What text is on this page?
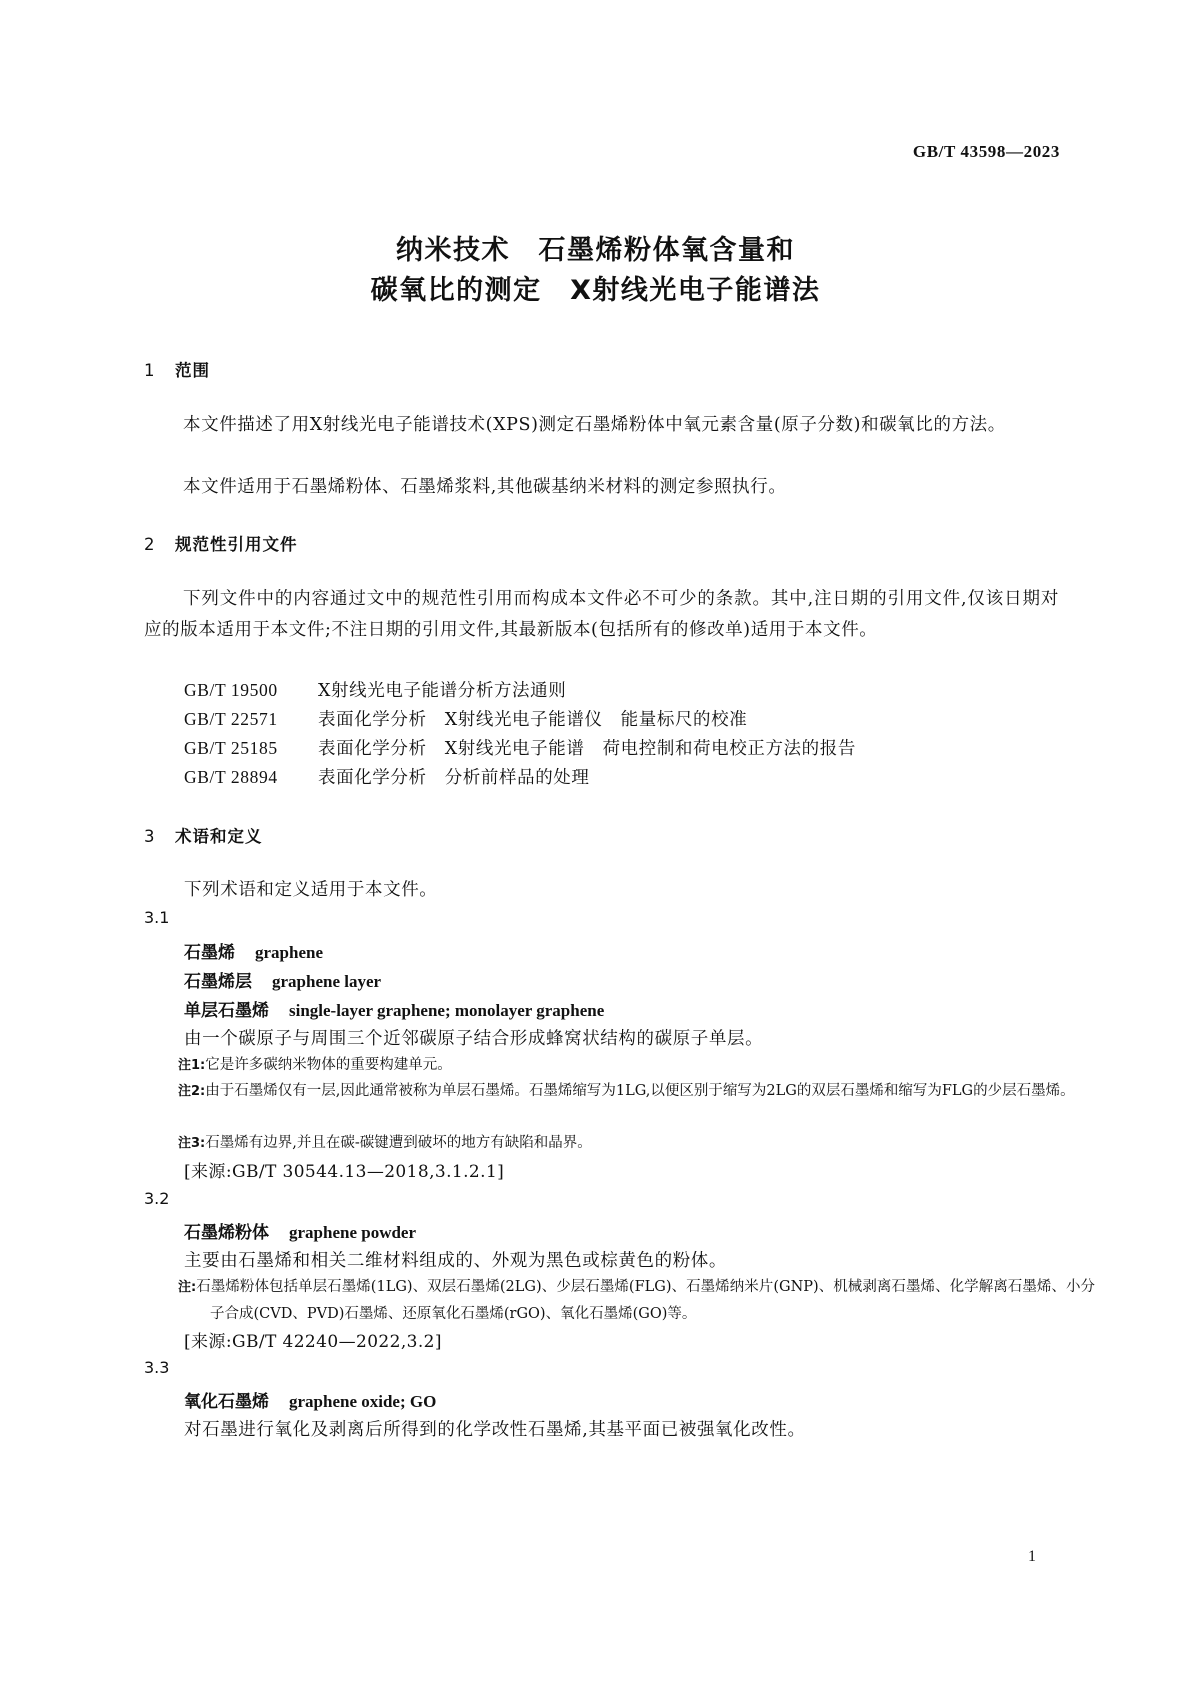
GB/T 43598—2023
纳米技术　石墨烯粉体氧含量和
碳氧比的测定　X射线光电子能谱法
1 范围
本文件描述了用X射线光电子能谱技术(XPS)测定石墨烯粉体中氧元素含量(原子分数)和碳氧比的方法。
本文件适用于石墨烯粉体、石墨烯浆料,其他碳基纳米材料的测定参照执行。
2 规范性引用文件
下列文件中的内容通过文中的规范性引用而构成本文件必不可少的条款。其中,注日期的引用文件,仅该日期对应的版本适用于本文件;不注日期的引用文件,其最新版本(包括所有的修改单)适用于本文件。
GB/T 19500 X射线光电子能谱分析方法通则
GB/T 22571 表面化学分析　X射线光电子能谱仪　能量标尺的校准
GB/T 25185 表面化学分析　X射线光电子能谱　荷电控制和荷电校正方法的报告
GB/T 28894 表面化学分析　分析前样品的处理
3 术语和定义
下列术语和定义适用于本文件。
3.1
石墨烯 graphene
石墨烯层 graphene layer
单层石墨烯 single-layer graphene; monolayer graphene
由一个碳原子与周围三个近邻碳原子结合形成蜂窝状结构的碳原子单层。
注1:它是许多碳纳米物体的重要构建单元。
注2:由于石墨烯仅有一层,因此通常被称为单层石墨烯。石墨烯缩写为1LG,以便区别于缩写为2LG的双层石墨烯和缩写为FLG的少层石墨烯。
注3:石墨烯有边界,并且在碳-碳键遭到破坏的地方有缺陷和晶界。
[来源:GB/T 30544.13—2018,3.1.2.1]
3.2
石墨烯粉体 graphene powder
主要由石墨烯和相关二维材料组成的、外观为黑色或棕黄色的粉体。
注:石墨烯粉体包括单层石墨烯(1LG)、双层石墨烯(2LG)、少层石墨烯(FLG)、石墨烯纳米片(GNP)、机械剥离石墨烯、化学解离石墨烯、小分子合成(CVD、PVD)石墨烯、还原氧化石墨烯(rGO)、氧化石墨烯(GO)等。
[来源:GB/T 42240—2022,3.2]
3.3
氧化石墨烯 graphene oxide; GO
对石墨进行氧化及剥离后所得到的化学改性石墨烯,其基平面已被强氧化改性。
1
